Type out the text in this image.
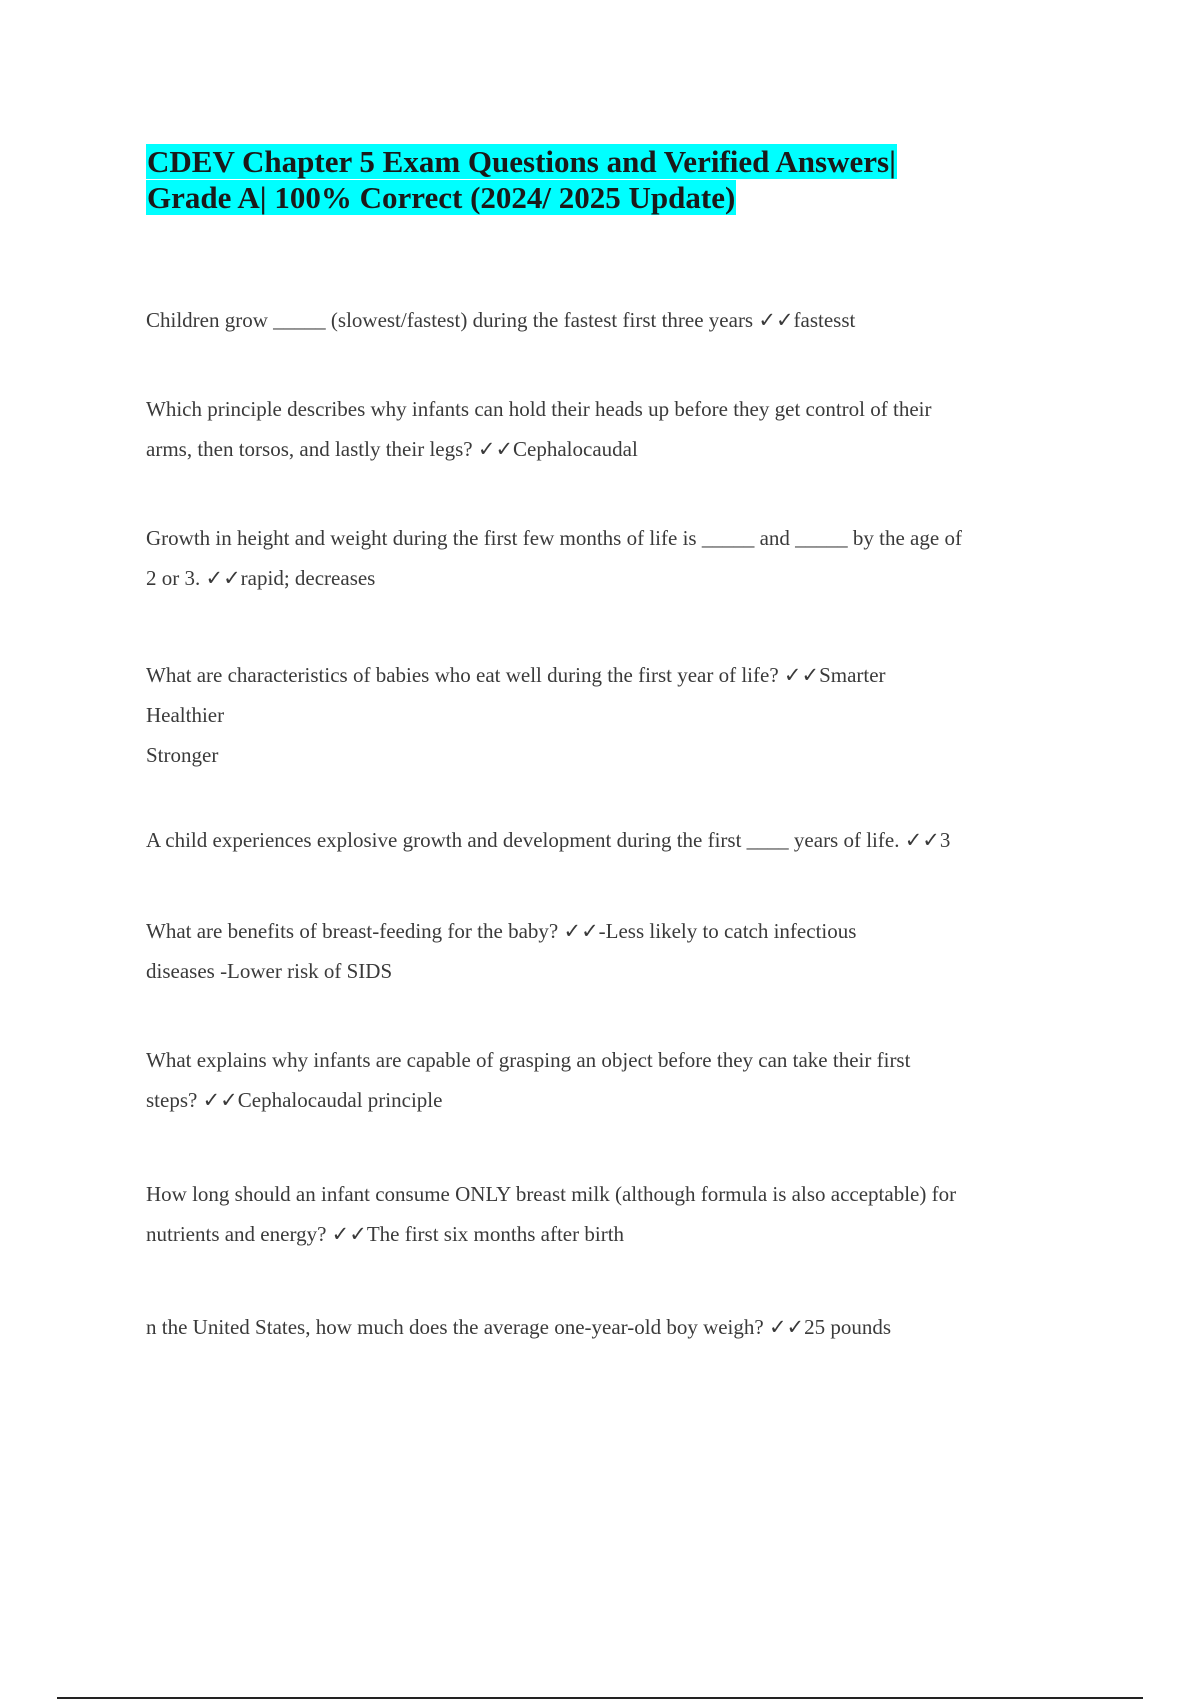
CDEV Chapter 5 Exam Questions and Verified Answers|
Grade A| 100% Correct (2024/ 2025 Update)
Children grow _____ (slowest/fastest) during the fastest first three years ✓✓fastesst
Which principle describes why infants can hold their heads up before they get control of their
arms, then torsos, and lastly their legs? ✓✓Cephalocaudal
Growth in height and weight during the first few months of life is _____ and _____ by the age of
2 or 3. ✓✓rapid; decreases
What are characteristics of babies who eat well during the first year of life? ✓✓Smarter
Healthier
Stronger
A child experiences explosive growth and development during the first ____ years of life. ✓✓3
What are benefits of breast-feeding for the baby? ✓✓-Less likely to catch infectious
diseases -Lower risk of SIDS
What explains why infants are capable of grasping an object before they can take their first
steps? ✓✓Cephalocaudal principle
How long should an infant consume ONLY breast milk (although formula is also acceptable) for
nutrients and energy? ✓✓The first six months after birth
n the United States, how much does the average one-year-old boy weigh? ✓✓25 pounds
